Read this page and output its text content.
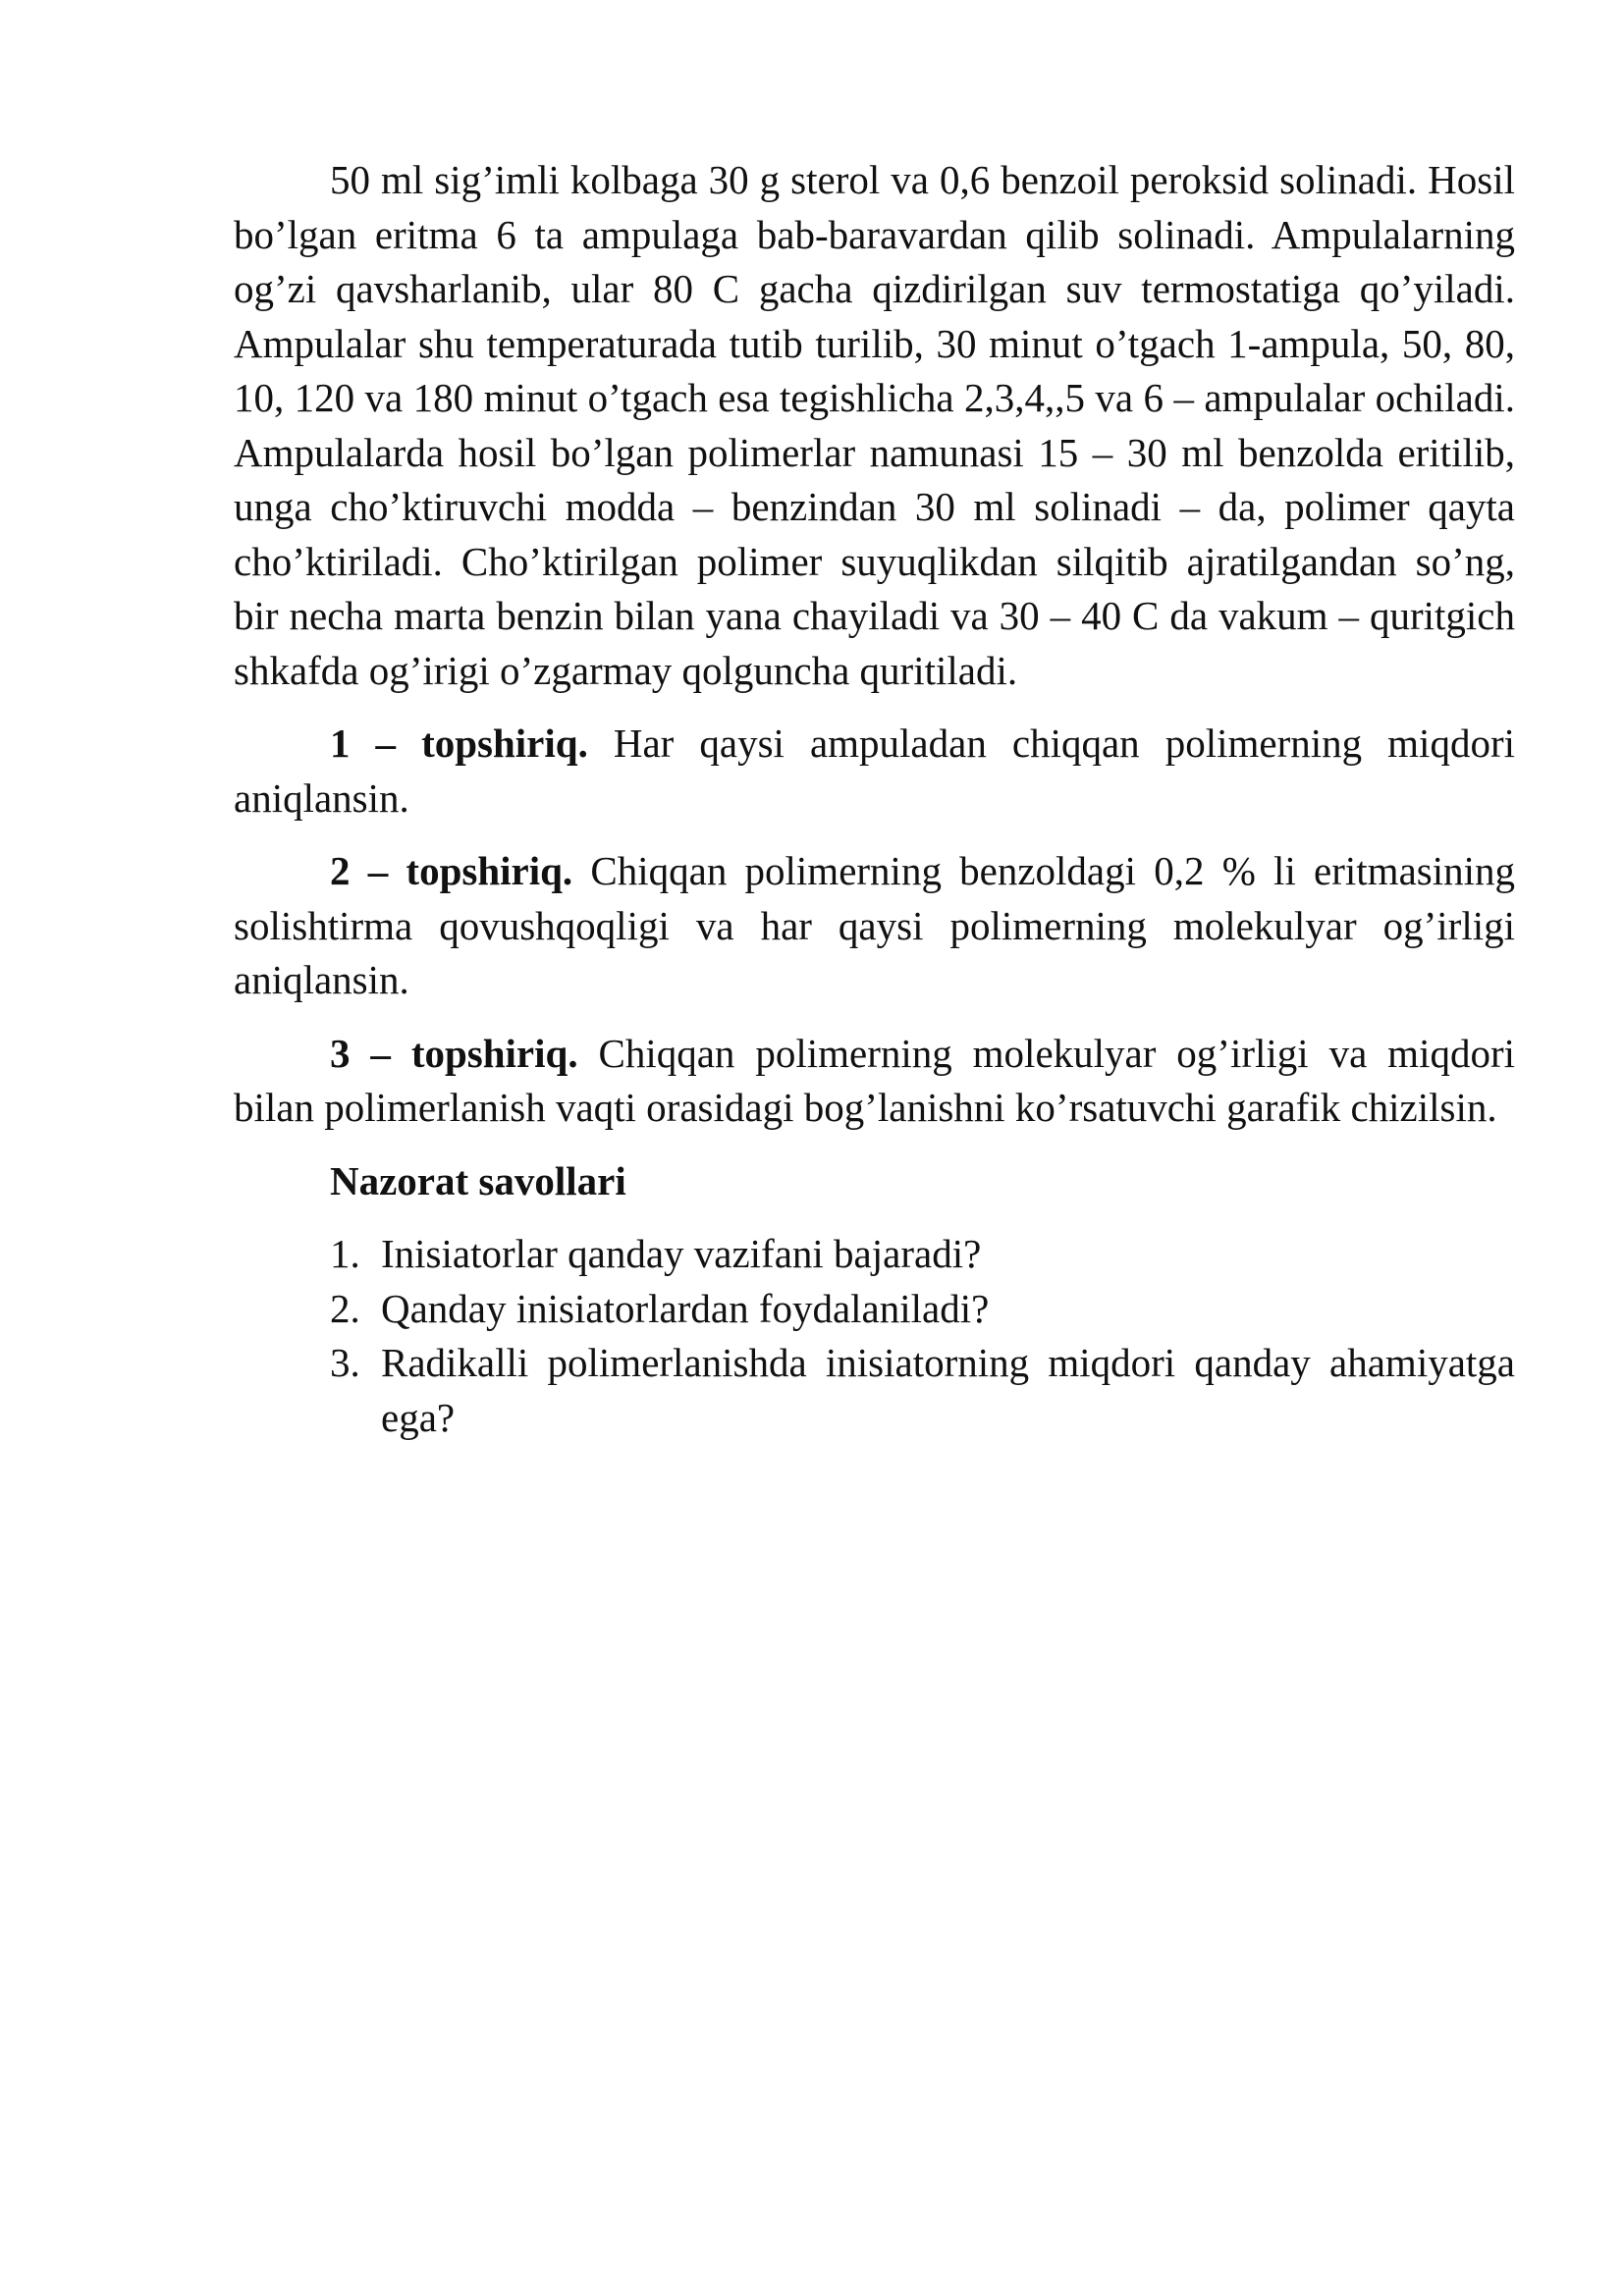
50 ml sig’imli kolbaga 30 g sterol va 0,6 benzoil peroksid solinadi. Hosil bo’lgan eritma 6 ta ampulaga bab-baravardan qilib solinadi. Ampulalarning og’zi qavsharlanib, ular 80 C gacha qizdirilgan suv termostatiga qo’yiladi. Ampulalar shu temperaturada tutib turilib, 30 minut o’tgach 1-ampula, 50, 80, 10, 120 va 180 minut o’tgach esa tegishlicha 2,3,4,,5 va 6 – ampulalar ochiladi. Ampulalarda hosil bo’lgan polimerlar namunasi 15 – 30 ml benzolda eritilib, unga cho’ktiruvchi modda – benzindan 30 ml solinadi – da, polimer qayta cho’ktiriladi. Cho’ktirilgan polimer suyuqlikdan silqitib ajratilgandan so’ng, bir necha marta benzin bilan yana chayiladi va 30 – 40 C da vakum – quritgich shkafda og’irigi o’zgarmay qolguncha quritiladi.

1 – topshiriq. Har qaysi ampuladan chiqqan polimerning miqdori aniqlansin.

2 – topshiriq. Chiqqan polimerning benzoldagi 0,2 % li eritmasining solishtirma qovushqoqligi va har qaysi polimerning molekulyar og’irligi aniqlansin.

3 – topshiriq. Chiqqan polimerning molekulyar og’irligi va miqdori bilan polimerlanish vaqti orasidagi bog’lanishni ko’rsatuvchi garafik chizilsin.

Nazorat savollari
1. Inisiatorlar qanday vazifani bajaradi?
2. Qanday inisiatorlardan foydalaniladi?
3. Radikalli polimerlanishda inisiatorning miqdori qanday ahamiyatga ega?
